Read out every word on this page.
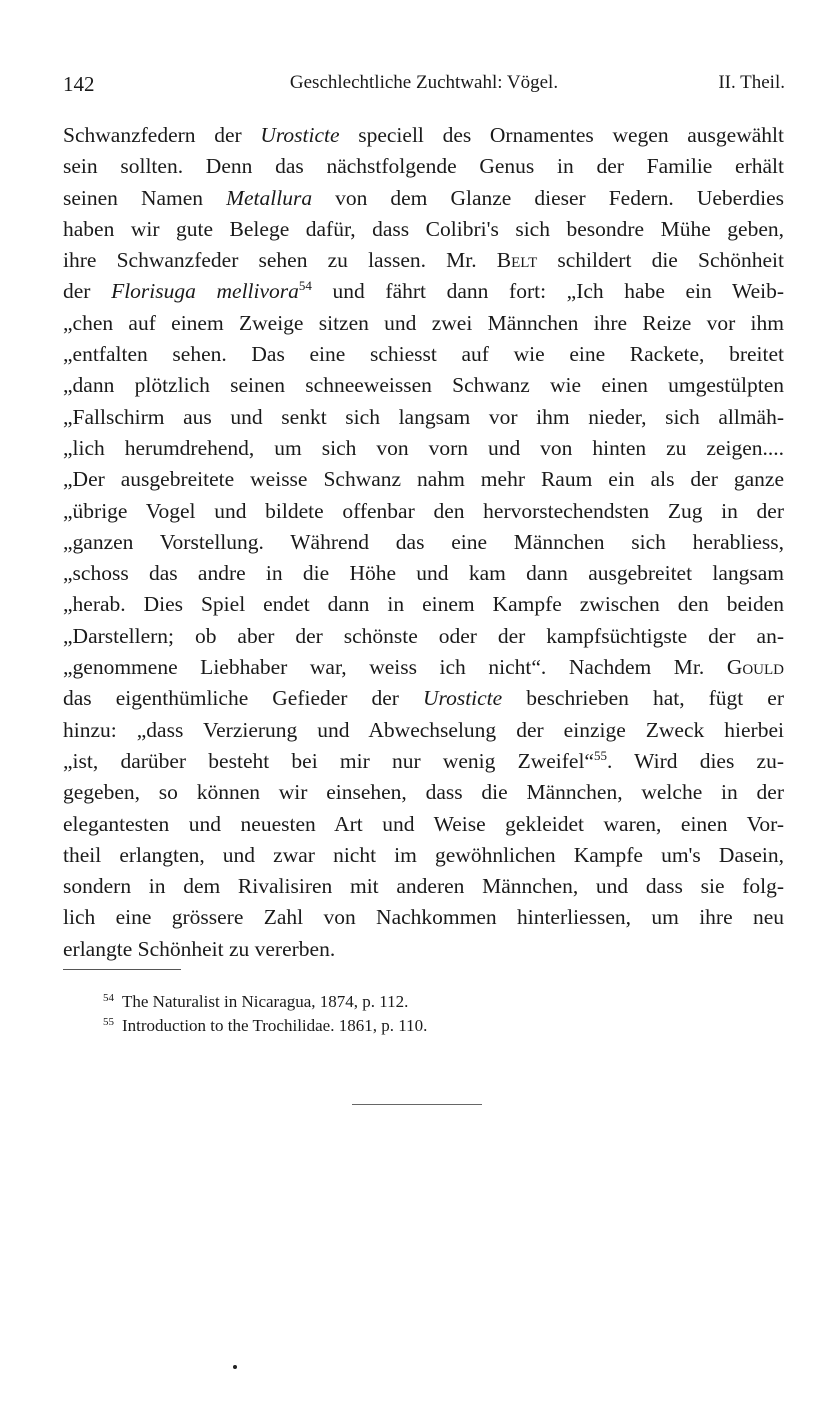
142	Geschlechtliche Zuchtwahl: Vögel.	II. Theil.
Schwanzfedern der Urosticte speciell des Ornamentes wegen ausgewählt
sein sollten. Denn das nächstfolgende Genus in der Familie erhält
seinen Namen Metallura von dem Glanze dieser Federn. Ueberdies
haben wir gute Belege dafür, dass Colibri's sich besondre Mühe geben,
ihre Schwanzfeder sehen zu lassen. Mr. Belt schildert die Schönheit
der Florisuga mellivora$^{54}$ und fährt dann fort: „Ich habe ein Weib-
„chen auf einem Zweige sitzen und zwei Männchen ihre Reize vor ihm
„entfalten sehen. Das eine schiesst auf wie eine Rackete, breitet
„dann plötzlich seinen schneeweissen Schwanz wie einen umgestülpten
„Fallschirm aus und senkt sich langsam vor ihm nieder, sich allmäh-
„lich herumdrehend, um sich von vorn und von hinten zu zeigen....
„Der ausgebreitete weisse Schwanz nahm mehr Raum ein als der ganze
„übrige Vogel und bildete offenbar den hervorstechendsten Zug in der
„ganzen Vorstellung. Während das eine Männchen sich herabliess,
„schoss das andre in die Höhe und kam dann ausgebreitet langsam
„herab. Dies Spiel endet dann in einem Kampfe zwischen den beiden
„Darstellern; ob aber der schönste oder der kampfsüchtigste der an-
„genommene Liebhaber war, weiss ich nicht“. Nachdem Mr. Gould
das eigenthümliche Gefieder der Urosticte beschrieben hat, fügt er
hinzu: „dass Verzierung und Abwechselung der einzige Zweck hierbei
„ist, darüber besteht bei mir nur wenig Zweifel“$^{55}$. Wird dies zu-
gegeben, so können wir einsehen, dass die Männchen, welche in der
elegantesten und neuesten Art und Weise gekleidet waren, einen Vor-
theil erlangten, und zwar nicht im gewöhnlichen Kampfe um's Dasein,
sondern in dem Rivalisiren mit anderen Männchen, und dass sie folg-
lich eine grössere Zahl von Nachkommen hinterliessen, um ihre neu
erlangte Schönheit zu vererben.
$^{54}$ The Naturalist in Nicaragua, 1874, p. 112.
$^{55}$ Introduction to the Trochilidae. 1861, p. 110.
